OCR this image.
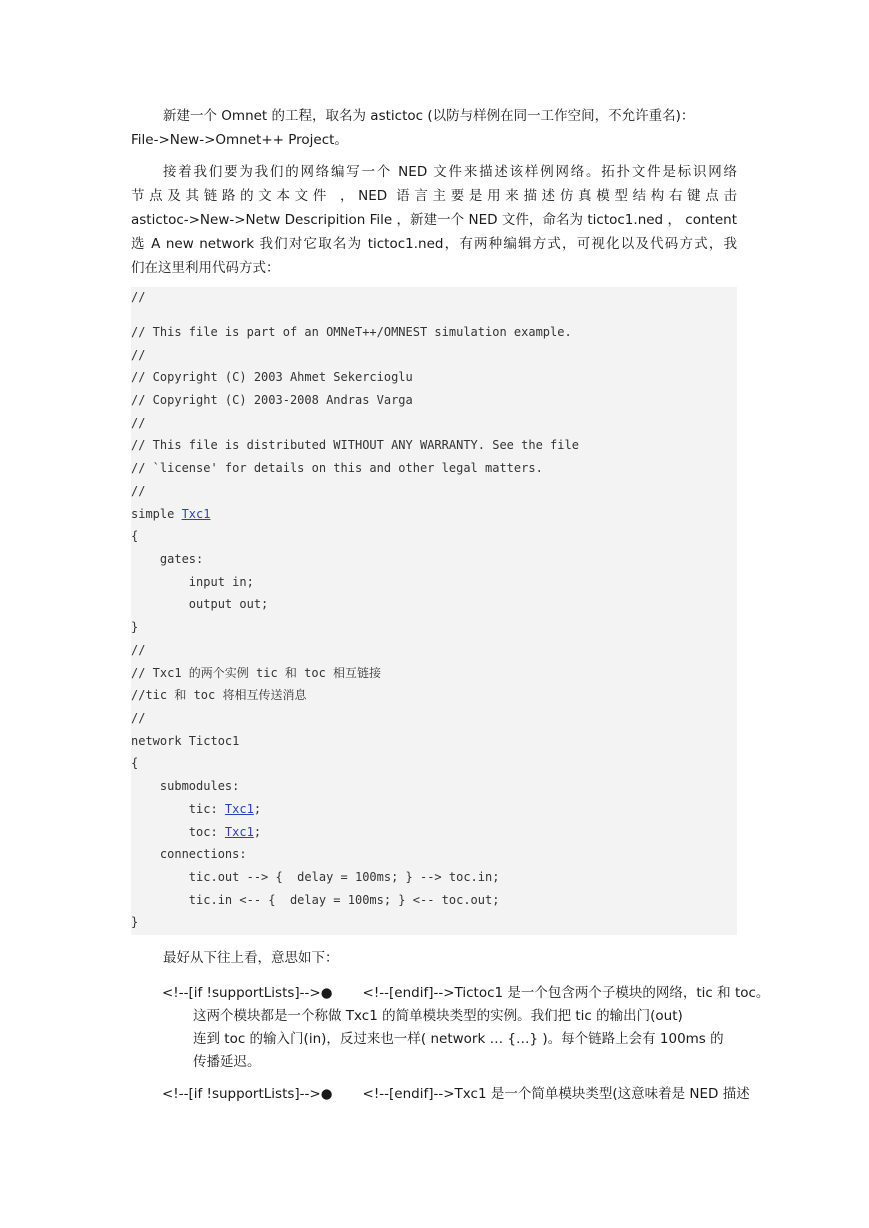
新建一个 Omnet 的工程，取名为 astictoc (以防与样例在同一工作空间，不允许重名)：
File->New->Omnet++ Project。
接着我们要为我们的网络编写一个 NED 文件来描述该样例网络。拓扑文件是标识网络
节点及其链路的文本文件 ，NED 语言主要是用来描述仿真模型结构右键点击
astictoc->New->Netw Descripition File ，新建一个 NED 文件，命名为 tictoc1.ned ， content
选 A new network 我们对它取名为 tictoc1.ned，有两种编辑方式，可视化以及代码方式，我
们在这里利用代码方式：
//
// This file is part of an OMNeT++/OMNEST simulation example.
//
// Copyright (C) 2003 Ahmet Sekercioglu
// Copyright (C) 2003-2008 Andras Varga
//
// This file is distributed WITHOUT ANY WARRANTY. See the file
// `license' for details on this and other legal matters.
//
simple Txc1
{
gates:
input in;
output out;
}
//
// Txc1 的两个实例 tic 和 toc 相互链接
//tic 和 toc 将相互传送消息
//
network Tictoc1
{
submodules:
tic: Txc1;
toc: Txc1;
connections:
tic.out --> {  delay = 100ms; } --> toc.in;
tic.in <-- {  delay = 100ms; } <-- toc.out;
}
最好从下往上看，意思如下：
<!--[if !supportLists]-->●       <!--[endif]-->Tictoc1 是一个包含两个子模块的网络，tic 和 toc。
这两个模块都是一个称做 Txc1 的简单模块类型的实例。我们把 tic 的输出门(out)
连到 toc 的输入门(in)，反过来也一样( network … {…} )。每个链路上会有 100ms 的
传播延迟。
<!--[if !supportLists]-->●       <!--[endif]-->Txc1 是一个简单模块类型(这意味着是 NED 描述
